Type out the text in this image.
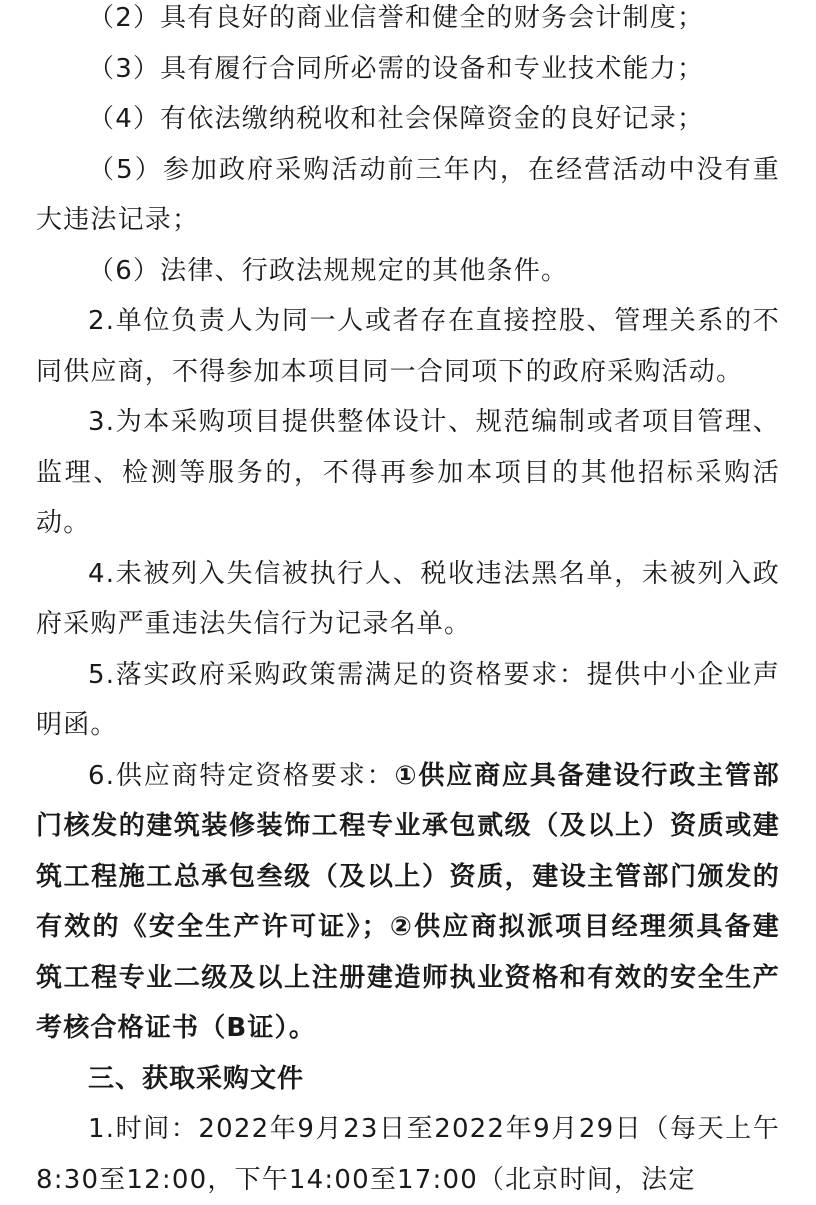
（2）具有良好的商业信誉和健全的财务会计制度；

（3）具有履行合同所必需的设备和专业技术能力；

（4）有依法缴纳税收和社会保障资金的良好记录；

（5）参加政府采购活动前三年内，在经营活动中没有重大违法记录；

（6）法律、行政法规规定的其他条件。

2.单位负责人为同一人或者存在直接控股、管理关系的不同供应商，不得参加本项目同一合同项下的政府采购活动。

3.为本采购项目提供整体设计、规范编制或者项目管理、监理、检测等服务的，不得再参加本项目的其他招标采购活动。

4.未被列入失信被执行人、税收违法黑名单，未被列入政府采购严重违法失信行为记录名单。

5.落实政府采购政策需满足的资格要求：提供中小企业声明函。

6.供应商特定资格要求：①供应商应具备建设行政主管部门核发的建筑装修装饰工程专业承包贰级（及以上）资质或建筑工程施工总承包叁级（及以上）资质，建设主管部门颁发的有效的《安全生产许可证》；②供应商拟派项目经理须具备建筑工程专业二级及以上注册建造师执业资格和有效的安全生产考核合格证书（B证）。

三、获取采购文件

1.时间：2022年9月23日至2022年9月29日（每天上午8:30至12:00，下午14:00至17:00（北京时间，法定
